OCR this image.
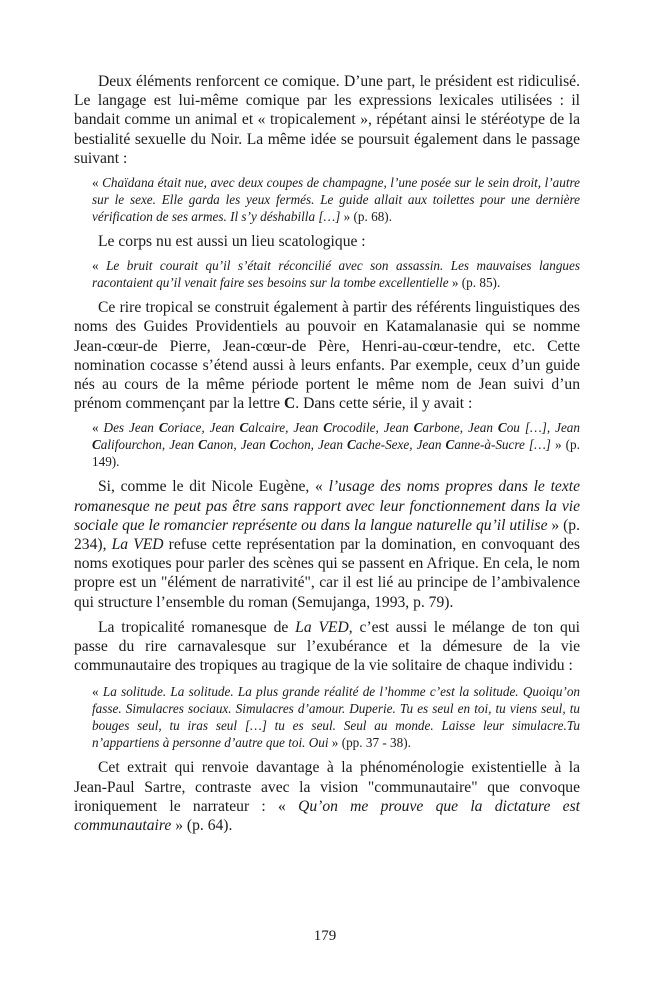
Deux éléments renforcent ce comique. D’une part, le président est ridiculisé. Le langage est lui-même comique par les expressions lexicales utilisées : il bandait comme un animal et « tropicalement », répétant ainsi le stéréotype de la bestialité sexuelle du Noir. La même idée se poursuit également dans le passage suivant :

« Chaïdana était nue, avec deux coupes de champagne, l’une posée sur le sein droit, l’autre sur le sexe. Elle garda les yeux fermés. Le guide allait aux toilettes pour une dernière vérification de ses armes. Il s’y déshabilla […] » (p. 68).

Le corps nu est aussi un lieu scatologique :

« Le bruit courait qu’il s’était réconcilié avec son assassin. Les mauvaises langues racontaient qu’il venait faire ses besoins sur la tombe excellentielle » (p. 85).

Ce rire tropical se construit également à partir des référents linguistiques des noms des Guides Providentiels au pouvoir en Katamalanasie qui se nomme Jean-cœur-de Pierre, Jean-cœur-de Père, Henri-au-cœur-tendre, etc. Cette nomination cocasse s’étend aussi à leurs enfants. Par exemple, ceux d’un guide nés au cours de la même période portent le même nom de Jean suivi d’un prénom commençant par la lettre C. Dans cette série, il y avait :

« Des Jean Coriace, Jean Calcaire, Jean Crocodile, Jean Carbone, Jean Cou […], Jean Califourchon, Jean Canon, Jean Cochon, Jean Cache-Sexe, Jean Canne-à-Sucre […] » (p. 149).

Si, comme le dit Nicole Eugène, « l’usage des noms propres dans le texte romanesque ne peut pas être sans rapport avec leur fonctionnement dans la vie sociale que le romancier représente ou dans la langue naturelle qu’il utilise » (p. 234), La VED refuse cette représentation par la domination, en convoquant des noms exotiques pour parler des scènes qui se passent en Afrique. En cela, le nom propre est un "élément de narrativité", car il est lié au principe de l’ambivalence qui structure l’ensemble du roman (Semujanga, 1993, p. 79).

La tropicalité romanesque de La VED, c’est aussi le mélange de ton qui passe du rire carnavalesque sur l’exubérance et la démesure de la vie communautaire des tropiques au tragique de la vie solitaire de chaque individu :

« La solitude. La solitude. La plus grande réalité de l’homme c’est la solitude. Quoiqu’on fasse. Simulacres sociaux. Simulacres d’amour. Duperie. Tu es seul en toi, tu viens seul, tu bouges seul, tu iras seul […] tu es seul. Seul au monde. Laisse leur simulacre.Tu n’appartiens à personne d’autre que toi. Oui » (pp. 37 - 38).

Cet extrait qui renvoie davantage à la phénoménologie existentielle à la Jean-Paul Sartre, contraste avec la vision "communautaire" que convoque ironiquement le narrateur : « Qu’on me prouve que la dictature est communautaire » (p. 64).

179
